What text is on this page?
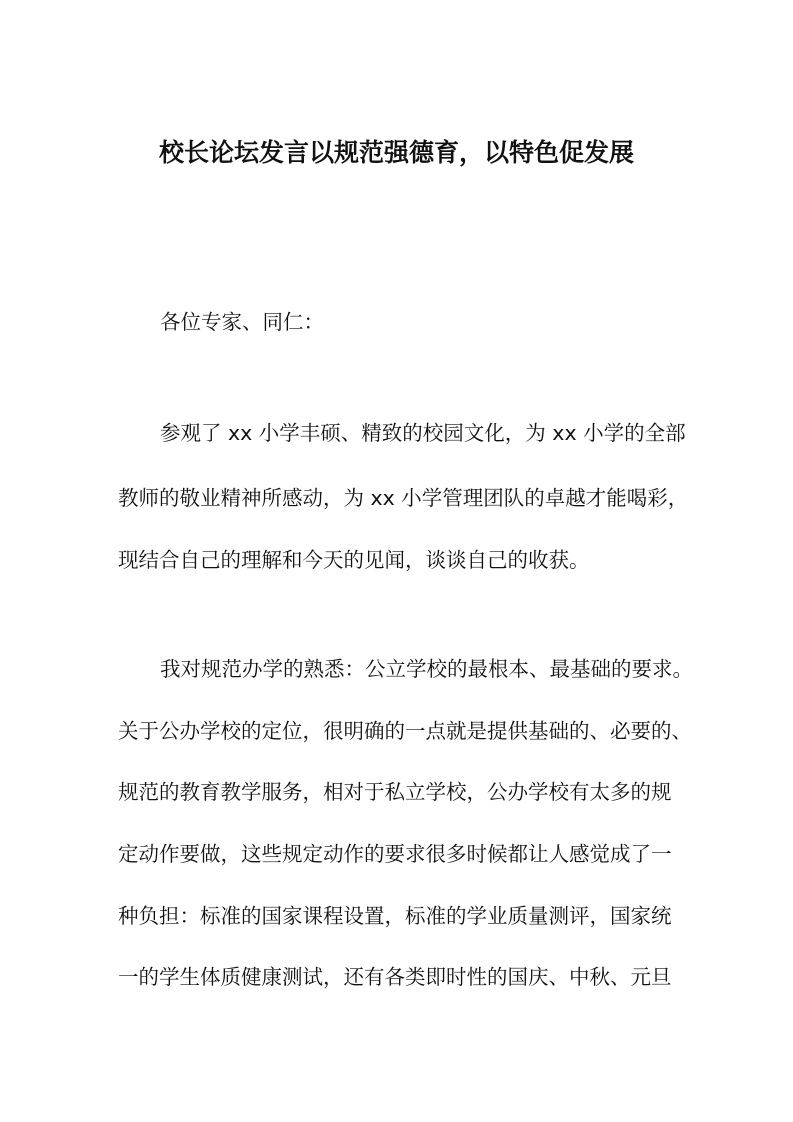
校长论坛发言以规范强德育，以特色促发展
各位专家、同仁：
参观了 xx 小学丰硕、精致的校园文化，为 xx 小学的全部
教师的敬业精神所感动，为 xx 小学管理团队的卓越才能喝彩，
现结合自己的理解和今天的见闻，谈谈自己的收获。
我对规范办学的熟悉：公立学校的最根本、最基础的要求。
关于公办学校的定位，很明确的一点就是提供基础的、必要的、
规范的教育教学服务，相对于私立学校，公办学校有太多的规
定动作要做，这些规定动作的要求很多时候都让人感觉成了一
种负担：标准的国家课程设置，标准的学业质量测评，国家统
一的学生体质健康测试，还有各类即时性的国庆、中秋、元旦
